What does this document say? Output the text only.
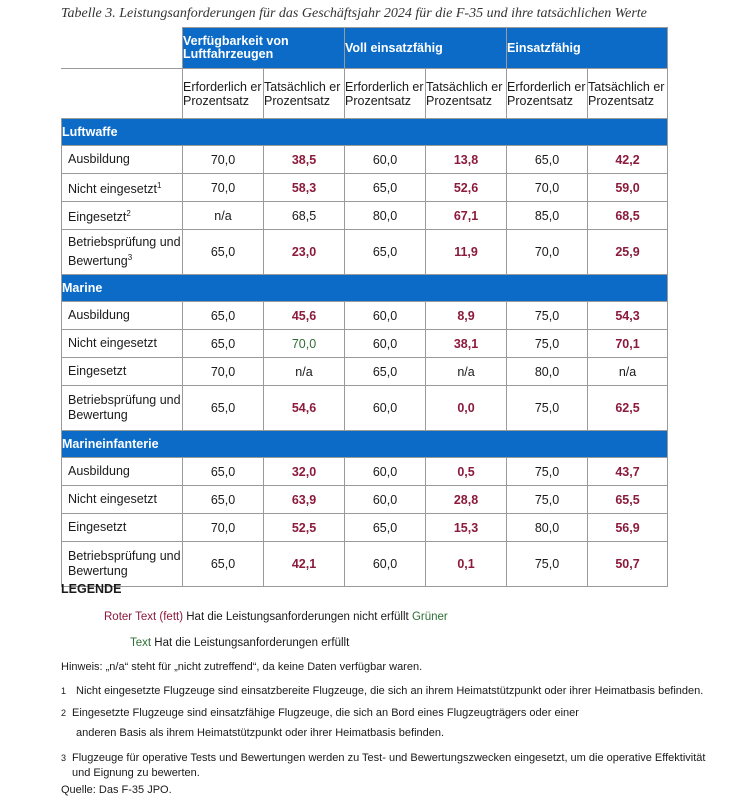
Tabelle 3. Leistungsanforderungen für das Geschäftsjahr 2024 für die F-35 und ihre tatsächlichen Werte
	Verfügbarkeit von Luftfahrzeugen		Voll einsatzfähig		Einsatzfähig	
	Erforderlich er Prozentsatz	Tatsächlich er Prozentsatz	Erforderlich er Prozentsatz	Tatsächlich er Prozentsatz	Erforderlich er Prozentsatz	Tatsächlich er Prozentsatz
Luftwaffe						
Ausbildung	70,0	38,5	60,0	13,8	65,0	42,2
Nicht eingesetzt$^1$	70,0	58,3	65,0	52,6	70,0	59,0
Eingesetzt$^2$	n/a	68,5	80,0	67,1	85,0	68,5
Betriebsprüfung und Bewertung$^3$	65,0	23,0	65,0	11,9	70,0	25,9
Marine						
Ausbildung	65,0	45,6	60,0	8,9	75,0	54,3
Nicht eingesetzt	65,0	70,0	60,0	38,1	75,0	70,1
Eingesetzt	70,0	n/a	65,0	n/a	80,0	n/a
Betriebsprüfung und Bewertung	65,0	54,6	60,0	0,0	75,0	62,5
Marineinfanterie						
Ausbildung	65,0	32,0	60,0	0,5	75,0	43,7
Nicht eingesetzt	65,0	63,9	60,0	28,8	75,0	65,5
Eingesetzt	70,0	52,5	65,0	15,3	80,0	56,9
Betriebsprüfung und Bewertung	65,0	42,1	60,0	0,1	75,0	50,7
LEGENDE
Roter Text (fett) Hat die Leistungsanforderungen nicht erfüllt Grüner
Text Hat die Leistungsanforderungen erfüllt
Hinweis: „n/a“ steht für „nicht zutreffend“, da keine Daten verfügbar waren.
1 Nicht eingesetzte Flugzeuge sind einsatzbereite Flugzeuge, die sich an ihrem Heimatstützpunkt oder ihrer Heimatbasis befinden.
2 Eingesetzte Flugzeuge sind einsatzfähige Flugzeuge, die sich an Bord eines Flugzeugträgers oder einer
anderen Basis als ihrem Heimatstützpunkt oder ihrer Heimatbasis befinden.
3 Flugzeuge für operative Tests und Bewertungen werden zu Test- und Bewertungszwecken eingesetzt, um die operative Effektivität
und Eignung zu bewerten.
Quelle: Das F-35 JPO.
